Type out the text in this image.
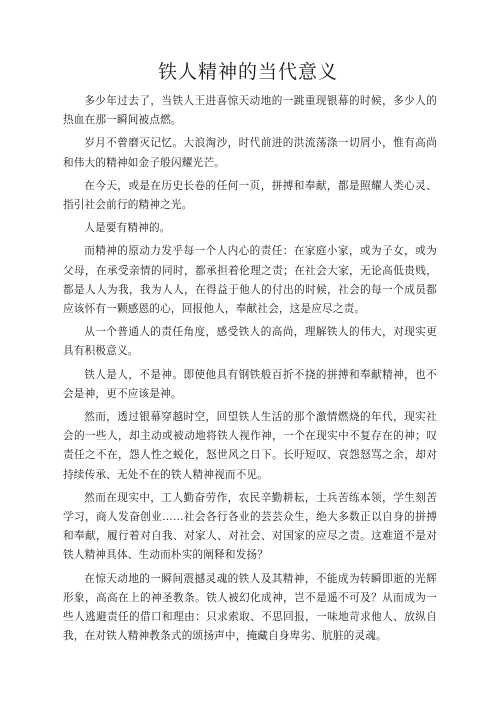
铁人精神的当代意义

多少年过去了，当铁人王进喜惊天动地的一跳重现银幕的时候，多少人的热血在那一瞬间被点燃。

岁月不曾磨灭记忆。大浪淘沙，时代前进的洪流荡涤一切屑小，惟有高尚和伟大的精神如金子般闪耀光芒。

在今天，或是在历史长卷的任何一页，拼搏和奉献，都是照耀人类心灵、指引社会前行的精神之光。

人是要有精神的。

而精神的原动力发乎每一个人内心的责任：在家庭小家，或为子女，或为父母，在承受亲情的同时，都承担着伦理之责；在社会大家，无论高低贵贱，都是人人为我，我为人人，在得益于他人的付出的时候，社会的每一个成员都应该怀有一颗感恩的心，回报他人，奉献社会，这是应尽之责。

从一个普通人的责任角度，感受铁人的高尚，理解铁人的伟大，对现实更具有积极意义。

铁人是人，不是神。即使他具有钢铁般百折不挠的拼搏和奉献精神，也不会是神，更不应该是神。

然而，透过银幕穿越时空，回望铁人生活的那个激情燃烧的年代，现实社会的一些人，却主动或被动地将铁人视作神，一个在现实中不复存在的神；叹责任之不在，怨人性之蜕化，怒世风之日下。长吁短叹、哀怨怒骂之余，却对持续传承、无处不在的铁人精神视而不见。

然而在现实中，工人勤奋劳作，农民辛勤耕耘，士兵苦练本领，学生刻苦学习，商人发奋创业……社会各行各业的芸芸众生，绝大多数正以自身的拼搏和奉献，履行着对自我、对家人、对社会、对国家的应尽之责。这难道不是对铁人精神具体、生动而朴实的阐释和发扬？

在惊天动地的一瞬间震撼灵魂的铁人及其精神，不能成为转瞬即逝的光辉形象，高高在上的神圣教条。铁人被幻化成神，岂不是遥不可及？从而成为一些人逃避责任的借口和理由：只求索取、不思回报，一味地苛求他人、放纵自我，在对铁人精神教条式的颂扬声中，掩藏自身卑劣、肮脏的灵魂。
